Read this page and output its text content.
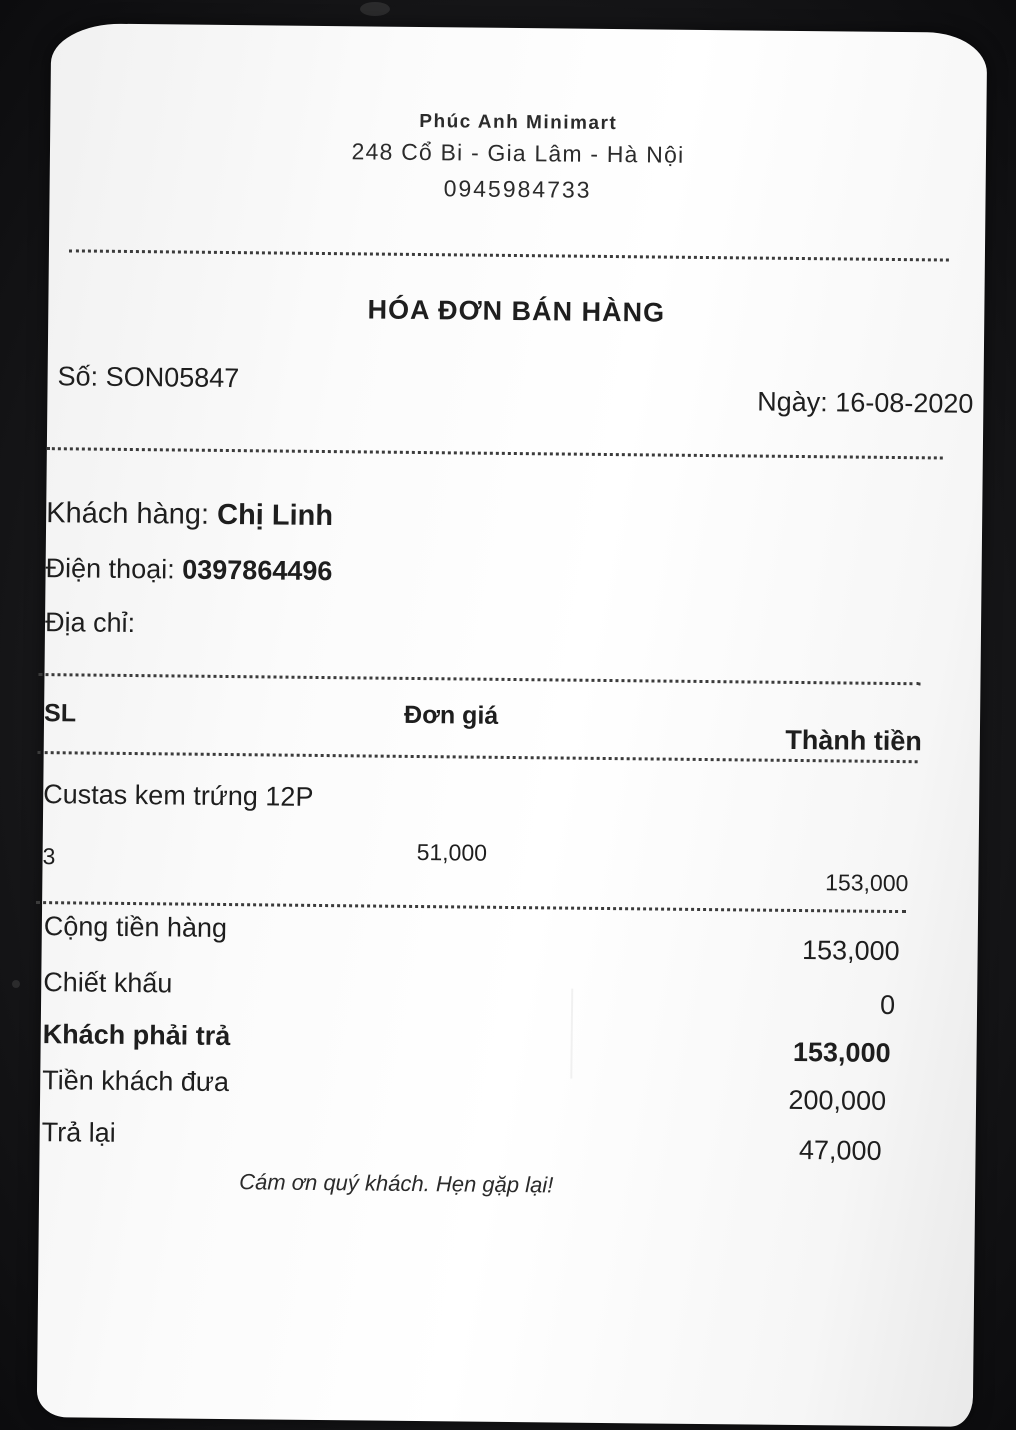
Phúc Anh Minimart
248 Cổ Bi - Gia Lâm - Hà Nội
0945984733
HÓA ĐƠN BÁN HÀNG
Số: SON05847
Ngày: 16-08-2020
Khách hàng: Chị Linh
Điện thoại: 0397864496
Địa chỉ:
SL	Đơn giá
Thành tiền
Custas kem trứng 12P
3	51,000
153,000
Cộng tiền hàng
153,000
Chiết khấu
0
Khách phải trả
153,000
Tiền khách đưa
200,000
Trả lại
47,000
Cám ơn quý khách. Hẹn gặp lại!
